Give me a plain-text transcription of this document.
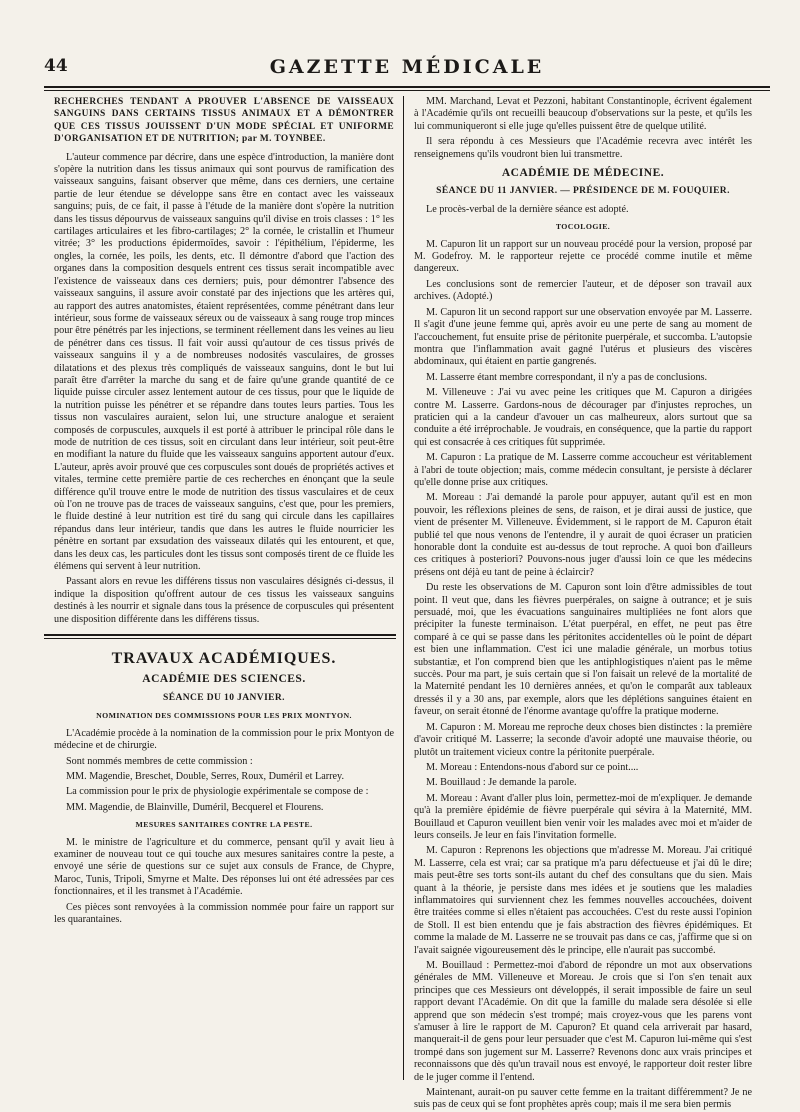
44	GAZETTE MÉDICALE

RECHERCHES TENDANT A PROUVER L'ABSENCE DE VAISSEAUX SANGUINS DANS CERTAINS TISSUS ANIMAUX ET A DÉMONTRER QUE CES TISSUS JOUISSENT D'UN MODE SPÉCIAL ET UNIFORME D'ORGANISATION ET DE NUTRITION; par M. TOYNBEE.

L'auteur commence par décrire, dans une espèce d'introduction, la manière dont s'opère la nutrition dans les tissus animaux qui sont pourvus de ramification des vaisseaux sanguins, faisant observer que même, dans ces derniers, une certaine partie de leur étendue se développe sans être en contact avec les vaisseaux sanguins; puis, de ce fait, il passe à l'étude de la manière dont s'opère la nutrition dans les tissus dépourvus de vaisseaux sanguins qu'il divise en trois classes : 1° les cartilages articulaires et les fibro-cartilages; 2° la cornée, le cristallin et l'humeur vitrée; 3° les productions épidermoïdes, savoir : l'épithélium, l'épiderme, les ongles, la cornée, les poils, les dents, etc. Il démontre d'abord que l'action des organes dans la composition desquels entrent ces tissus serait incompatible avec l'existence de vaisseaux dans ces derniers; puis, pour démontrer l'absence des vaisseaux sanguins, il assure avoir constaté par des injections que les artères qui, au rapport des autres anatomistes, étaient représentées, comme pénétrant dans leur intérieur, sous forme de vaisseaux séreux ou de vaisseaux à sang rouge trop minces pour être pénétrés par les injections, se terminent réellement dans les veines au lieu de pénétrer dans ces tissus. Il fait voir aussi qu'autour de ces tissus privés de vaisseaux sanguins il y a de nombreuses nodosités vasculaires, de grosses dilatations et des plexus très compliqués de vaisseaux sanguins, dont le but lui paraît être d'arrêter la marche du sang et de faire qu'une grande quantité de ce liquide puisse circuler assez lentement autour de ces tissus, pour que le liquide de la nutrition puisse les pénétrer et se répandre dans toutes leurs parties. Tous les tissus non vasculaires auraient, selon lui, une structure analogue et seraient composés de corpuscules, auxquels il est porté à attribuer le principal rôle dans le mode de nutrition de ces tissus, soit en circulant dans leur intérieur, soit peut-être en modifiant la nature du fluide que les vaisseaux sanguins apportent autour d'eux. L'auteur, après avoir prouvé que ces corpuscules sont doués de propriétés actives et vitales, termine cette première partie de ces recherches en énonçant que la seule différence qu'il trouve entre le mode de nutrition des tissus vasculaires et de ceux où l'on ne trouve pas de traces de vaisseaux sanguins, c'est que, pour les premiers, le fluide destiné à leur nutrition est tiré du sang qui circule dans les capillaires répandus dans leur intérieur, tandis que dans les autres le fluide nourricier les pénètre en sortant par exsudation des vaisseaux dilatés qui les entourent, et que, dans les deux cas, les particules dont les tissus sont composés tirent de ce fluide les élémens qui servent à leur nutrition.

Passant alors en revue les différens tissus non vasculaires désignés ci-dessus, il indique la disposition qu'offrent autour de ces tissus les vaisseaux sanguins destinés à les nourrir et signale dans tous la présence de corpuscules qui présentent une disposition différente dans les différens tissus.

TRAVAUX ACADÉMIQUES.

ACADÉMIE DES SCIENCES.

SÉANCE DU 10 JANVIER.

NOMINATION DES COMMISSIONS POUR LES PRIX MONTYON.

L'Académie procède à la nomination de la commission pour le prix Montyon de médecine et de chirurgie.

Sont nommés membres de cette commission :

MM. Magendie, Breschet, Double, Serres, Roux, Duméril et Larrey.

La commission pour le prix de physiologie expérimentale se compose de :

MM. Magendie, de Blainville, Duméril, Becquerel et Flourens.

MESURES SANITAIRES CONTRE LA PESTE.

M. le ministre de l'agriculture et du commerce, pensant qu'il y avait lieu à examiner de nouveau tout ce qui touche aux mesures sanitaires contre la peste, a envoyé une série de questions sur ce sujet aux consuls de France, de Chypre, Maroc, Tunis, Tripoli, Smyrne et Malte. Des réponses lui ont été adressées par ces fonctionnaires, et il les transmet à l'Académie.

Ces pièces sont renvoyées à la commission nommée pour faire un rapport sur les quarantaines.

MM. Marchand, Levat et Pezzoni, habitant Constantinople, écrivent également à l'Académie qu'ils ont recueilli beaucoup d'observations sur la peste, et qu'ils les lui communiqueront si elle juge qu'elles puissent être de quelque utilité.

Il sera répondu à ces Messieurs que l'Académie recevra avec intérêt les renseignemens qu'ils voudront bien lui transmettre.

ACADÉMIE DE MÉDECINE.

SÉANCE DU 11 JANVIER. — PRÉSIDENCE DE M. FOUQUIER.

Le procès-verbal de la dernière séance est adopté.

TOCOLOGIE.

M. Capuron lit un rapport sur un nouveau procédé pour la version, proposé par M. Godefroy. M. le rapporteur rejette ce procédé comme inutile et même dangereux.

Les conclusions sont de remercier l'auteur, et de déposer son travail aux archives. (Adopté.)

M. Capuron lit un second rapport sur une observation envoyée par M. Lasserre. Il s'agit d'une jeune femme qui, après avoir eu une perte de sang au moment de l'accouchement, fut ensuite prise de péritonite puerpérale, et succomba. L'autopsie montra que l'inflammation avait gagné l'utérus et plusieurs des viscères abdominaux, qui étaient en partie gangrenés.

M. Lasserre étant membre correspondant, il n'y a pas de conclusions.

M. Villeneuve : J'ai vu avec peine les critiques que M. Capuron a dirigées contre M. Lasserre. Gardons-nous de décourager par d'injustes reproches, un praticien qui a la candeur d'avouer un cas malheureux, alors surtout que sa conduite a été irréprochable. Je voudrais, en conséquence, que la partie du rapport qui est consacrée à ces critiques fût supprimée.

M. Capuron : La pratique de M. Lasserre comme accoucheur est véritablement à l'abri de toute objection; mais, comme médecin consultant, je persiste à déclarer qu'elle donne prise aux critiques.

M. Moreau : J'ai demandé la parole pour appuyer, autant qu'il est en mon pouvoir, les réflexions pleines de sens, de raison, et je dirai aussi de justice, que vient de présenter M. Villeneuve. Évidemment, si le rapport de M. Capuron était publié tel que nous venons de l'entendre, il y aurait de quoi écraser un praticien honorable dont la conduite est au-dessus de tout reproche. A quoi bon d'ailleurs ces critiques à posteriori? Pouvons-nous juger d'aussi loin ce que les médecins présens ont déjà eu tant de peine à éclaircir?

Du reste les observations de M. Capuron sont loin d'être admissibles de tout point. Il veut que, dans les fièvres puerpérales, on saigne à outrance; et je suis persuadé, moi, que les évacuations sanguinaires multipliées ne font alors que précipiter la funeste terminaison. L'état puerpéral, en effet, ne peut pas être comparé à ce qui se passe dans les péritonites accidentelles où le point de départ est bien une inflammation. C'est ici une maladie générale, un morbus totius substantiæ, et l'on comprend bien que les antiphlogistiques n'aient pas le même succès. Pour ma part, je suis certain que si l'on faisait un relevé de la mortalité de la Maternité pendant les 10 dernières années, et qu'on le comparât aux tableaux dressés il y a 30 ans, par exemple, alors que les déplétions sanguines étaient en faveur, on serait étonné de l'énorme avantage qu'offre la pratique moderne.

M. Capuron : M. Moreau me reproche deux choses bien distinctes : la première d'avoir critiqué M. Lasserre; la seconde d'avoir adopté une mauvaise théorie, ou plutôt un traitement vicieux contre la péritonite puerpérale.

M. Moreau : Entendons-nous d'abord sur ce point....

M. Bouillaud : Je demande la parole.

M. Moreau : Avant d'aller plus loin, permettez-moi de m'expliquer. Je demande qu'à la première épidémie de fièvre puerpérale qui sévira à la Maternité, MM. Bouillaud et Capuron veuillent bien venir voir les malades avec moi et m'aider de leurs conseils. Je leur en fais l'invitation formelle.

M. Capuron : Reprenons les objections que m'adresse M. Moreau. J'ai critiqué M. Lasserre, cela est vrai; car sa pratique m'a paru défectueuse et j'ai dû le dire; mais peut-être ses torts sont-ils autant du chef des consultans que du sien. Mais quant à la théorie, je persiste dans mes idées et je soutiens que les maladies inflammatoires qui surviennent chez les femmes nouvelles accouchées, doivent être traitées comme si elles n'étaient pas accouchées. C'est du reste aussi l'opinion de Stoll. Il est bien entendu que je fais abstraction des fièvres épidémiques. Et comme la malade de M. Lasserre ne se trouvait pas dans ce cas, j'affirme que si on l'avait saignée vigoureusement dès le principe, elle n'aurait pas succombé.

M. Bouillaud : Permettez-moi d'abord de répondre un mot aux observations générales de MM. Villeneuve et Moreau. Je crois que si l'on s'en tenait aux principes que ces Messieurs ont développés, il serait impossible de faire un seul rapport devant l'Académie. On dit que la famille du malade sera désolée si elle apprend que son médecin s'est trompé; mais croyez-vous que les parens vont s'amuser à lire le rapport de M. Capuron? Et quand cela arriverait par hasard, manquerait-il de gens pour leur persuader que c'est M. Capuron lui-même qui s'est trompé dans son jugement sur M. Lasserre? Revenons donc aux vrais principes et reconnaissons que dès qu'un travail nous est envoyé, le rapporteur doit rester libre de le juger comme il l'entend.

Maintenant, aurait-on pu sauver cette femme en la traitant différemment? Je ne suis pas de ceux qui se font prophètes après coup; mais il me sera bien permis
